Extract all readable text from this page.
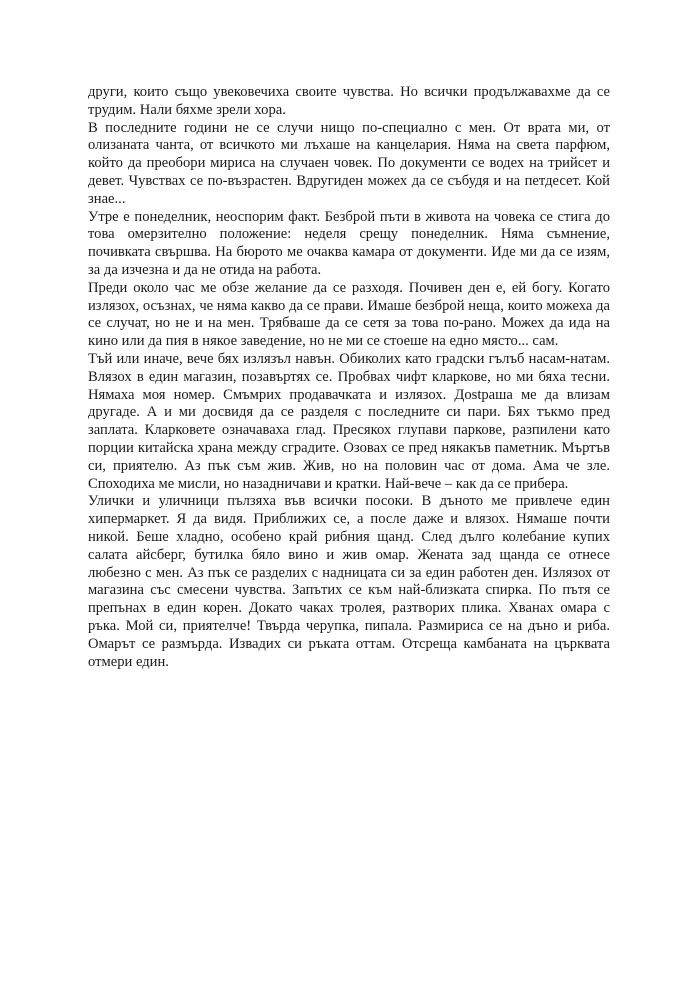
други, които също увековечиха своите чувства. Но всички продължавахме да се трудим. Нали бяхме зрели хора.

В последните години не се случи нищо по-специално с мен. От врата ми, от олизаната чанта, от всичкото ми лъхаше на канцелария. Няма на света парфюм, който да преобори мириса на случаен човек. По документи се водех на трийсет и девет. Чувствах се по-възрастен. Вдругиден можех да се събудя и на петдесет. Кой знае...

Утре е понеделник, неоспорим факт. Безброй пъти в живота на човека се стига до това омерзително положение: неделя срещу понеделник. Няма съмнение, почивката свършва. На бюрото ме очаква камара от документи. Иде ми да се изям, за да изчезна и да не отида на работа.

Преди около час ме обзе желание да се разходя. Почивен ден е, ей богу. Когато излязох, осъзнах, че няма какво да се прави. Имаше безброй неща, които можеха да се случат, но не и на мен. Трябваше да се сетя за това по-рано. Можех да ида на кино или да пия в някое заведение, но не ми се стоеше на едно място... сам.

Тъй или иначе, вече бях излязъл навън. Обиколих като градски гълъб насам-натам. Влязох в един магазин, позавъртях се. Пробвах чифт кларкове, но ми бяха тесни. Нямаха моя номер. Смъмрих продавачката и излязох. Дostраша ме да влизам другаде. А и ми досвидя да се разделя с последните си пари. Бях тъкмо пред заплата. Кларковете означаваха глад. Пресякох глупави паркове, разпилени като порции китайска храна между сградите. Озовах се пред някакъв паметник. Мъртъв си, приятелю. Аз пък съм жив. Жив, но на половин час от дома. Ама че зле. Споходиха ме мисли, но назадничави и кратки. Най-вече – как да се прибера.

Улички и уличници пълзяха във всички посоки. В дъното ме привлече един хипермаркет. Я да видя. Приближих се, а после даже и влязох. Нямаше почти никой. Беше хладно, особено край рибния щанд. След дълго колебание купих салата айсберг, бутилка бяло вино и жив омар. Жената зад щанда се отнесе любезно с мен. Аз пък се разделих с надницата си за един работен ден. Излязох от магазина със смесени чувства. Запътих се към най-близката спирка. По пътя се препънах в един корен. Докато чаках тролея, разтворих плика. Хванах омара с ръка. Мой си, приятелче! Твърда черупка, пипала. Размириса се на дъно и риба. Омарът се размърда. Извадих си ръката оттам. Отсреща камбаната на църквата отмери един.
